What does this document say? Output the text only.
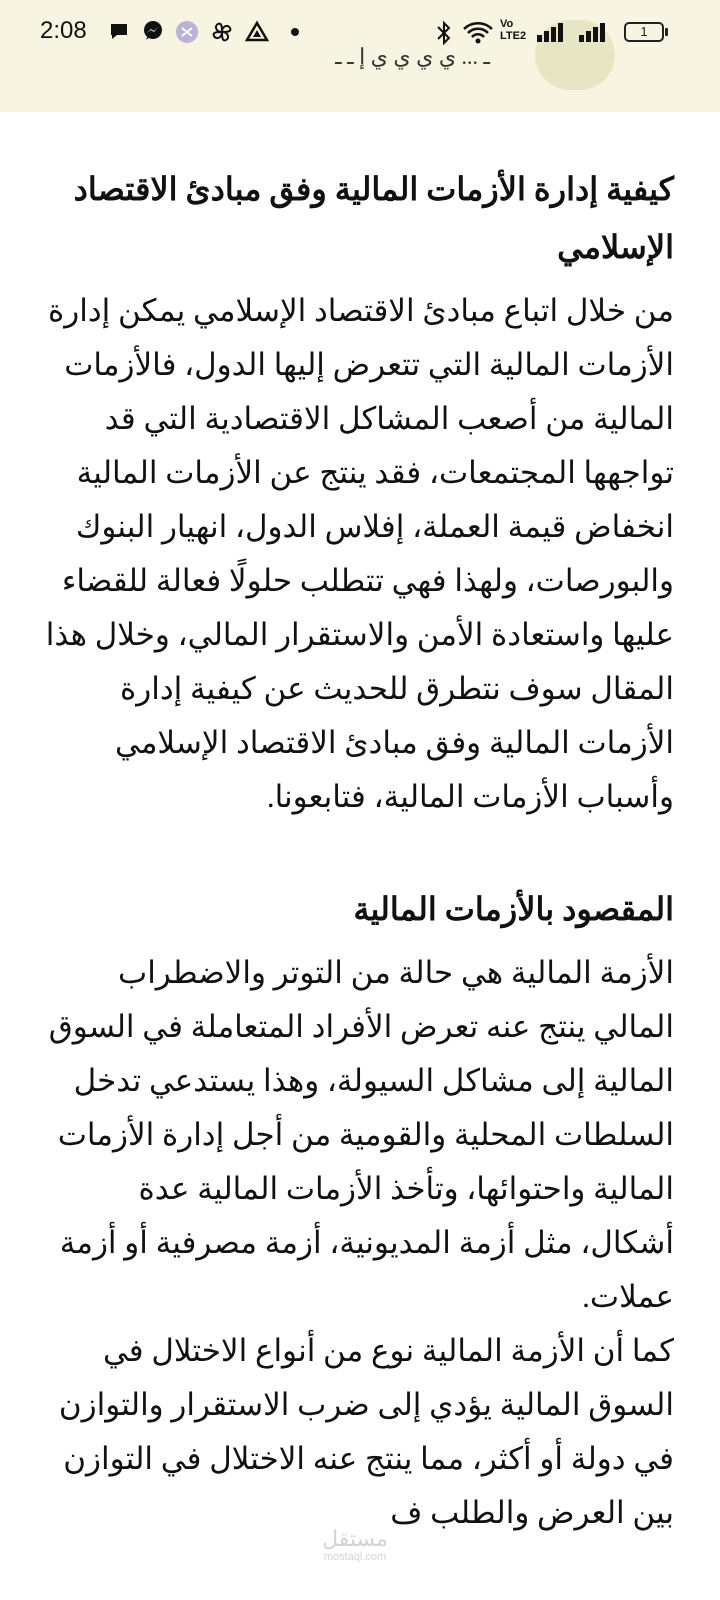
ـ ... ي ي ي ي إ ـ ـ
2:08	Vo LTE2	1
كيفية إدارة الأزمات المالية وفق مبادئ الاقتصاد الإسلامي

من خلال اتباع مبادئ الاقتصاد الإسلامي يمكن إدارة الأزمات المالية التي تتعرض إليها الدول، فالأزمات المالية من أصعب المشاكل الاقتصادية التي قد تواجهها المجتمعات، فقد ينتج عن الأزمات المالية انخفاض قيمة العملة، إفلاس الدول، انهيار البنوك والبورصات، ولهذا فهي تتطلب حلولًا فعالة للقضاء عليها واستعادة الأمن والاستقرار المالي، وخلال هذا المقال سوف نتطرق للحديث عن كيفية إدارة الأزمات المالية وفق مبادئ الاقتصاد الإسلامي وأسباب الأزمات المالية، فتابعونا.

المقصود بالأزمات المالية

الأزمة المالية هي حالة من التوتر والاضطراب المالي ينتج عنه تعرض الأفراد المتعاملة في السوق المالية إلى مشاكل السيولة، وهذا يستدعي تدخل السلطات المحلية والقومية من أجل إدارة الأزمات المالية واحتوائها، وتأخذ الأزمات المالية عدة أشكال، مثل أزمة المديونية، أزمة مصرفية أو أزمة عملات.

كما أن الأزمة المالية نوع من أنواع الاختلال في السوق المالية يؤدي إلى ضرب الاستقرار والتوازن في دولة أو أكثر، مما ينتج عنه الاختلال في التوازن بين العرض والطلب ف

مستقل
mostaql.com
